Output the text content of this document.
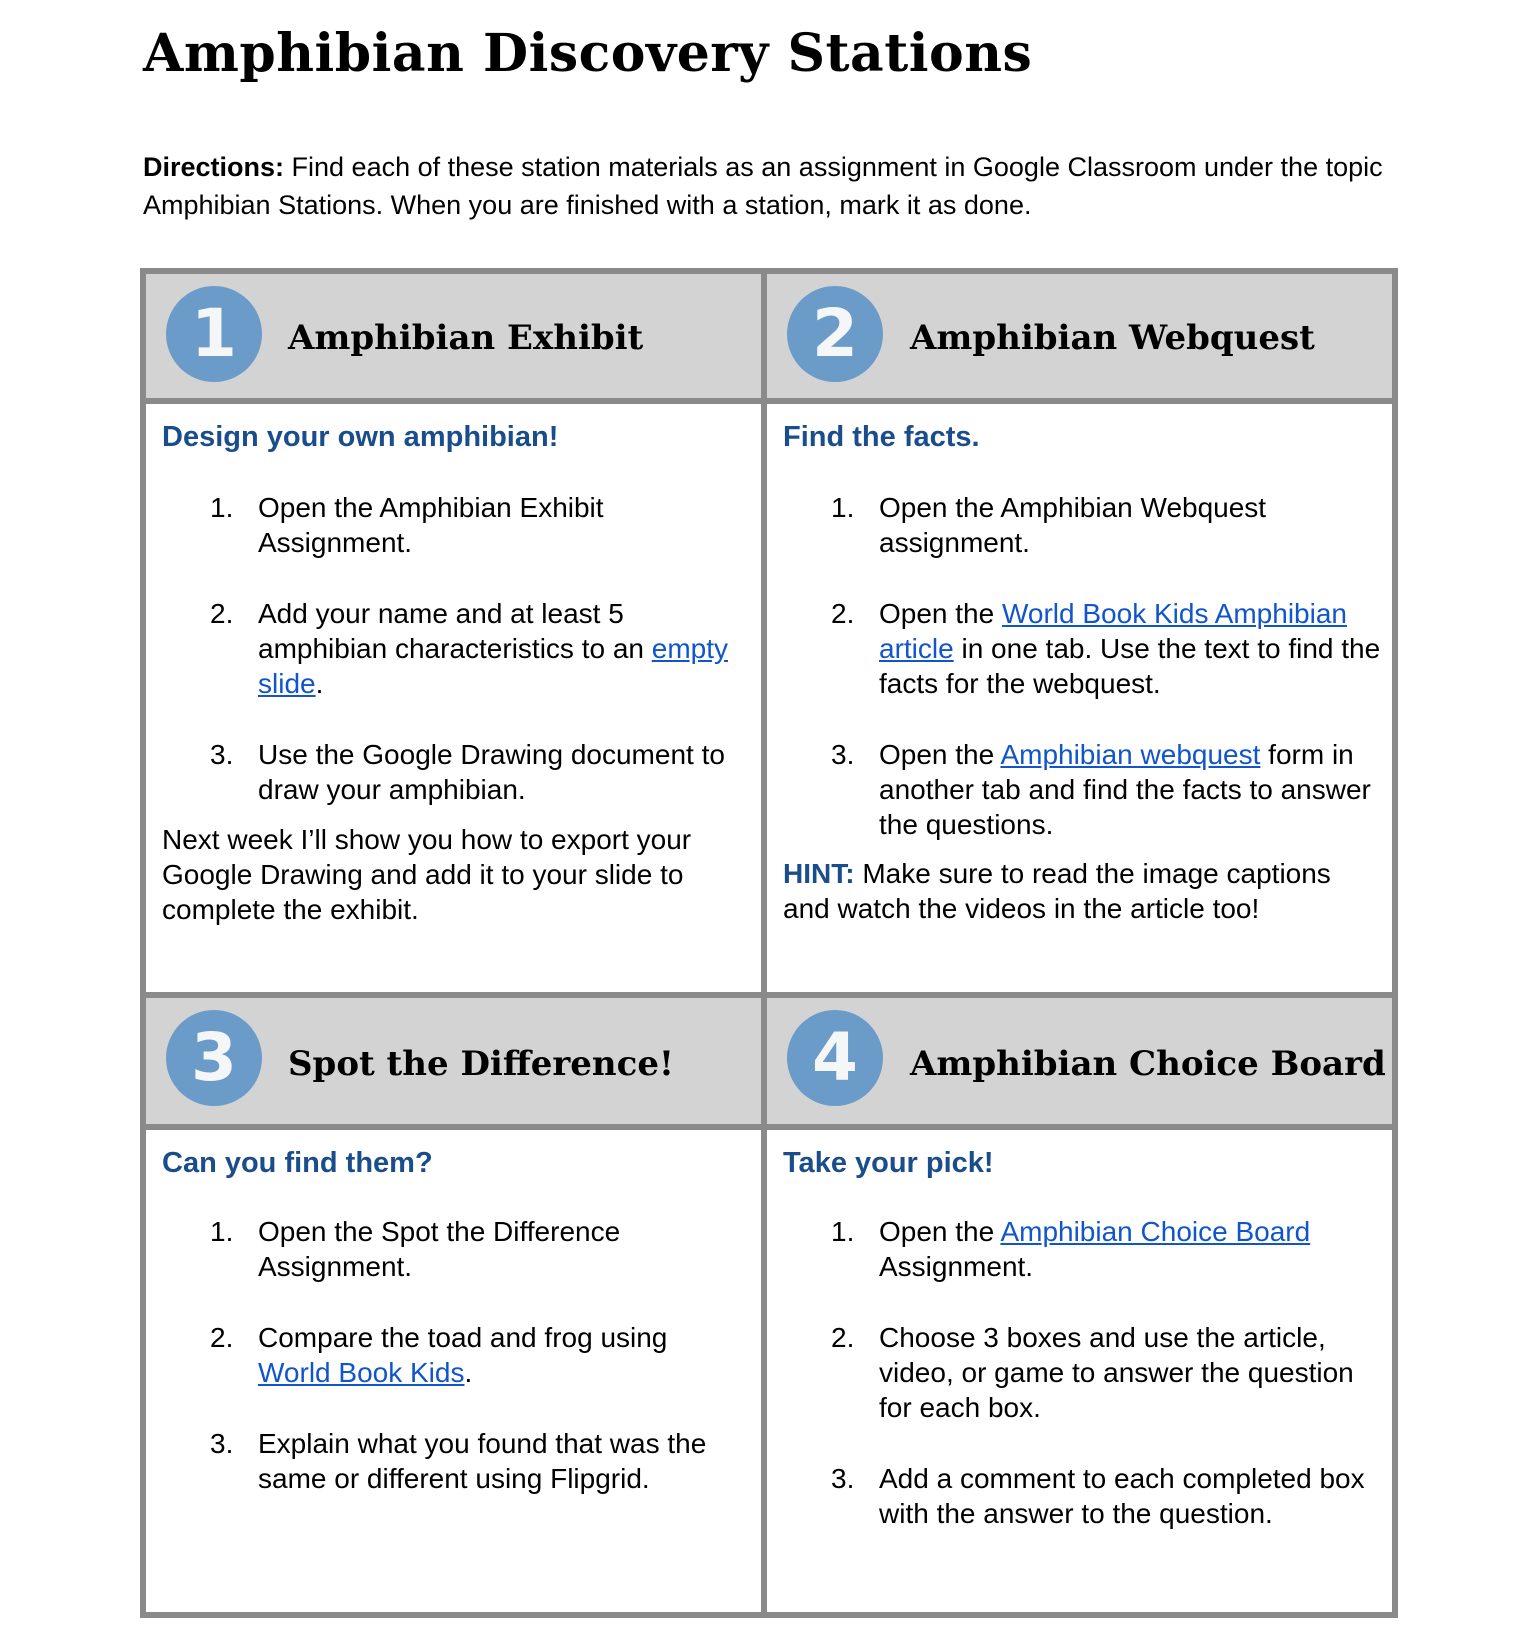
Amphibian Discovery Stations

Directions: Find each of these station materials as an assignment in Google Classroom under the topic Amphibian Stations. When you are finished with a station, mark it as done.

1	Amphibian Exhibit	2	Amphibian Webquest
Design your own amphibian!
1. Open the Amphibian Exhibit Assignment.
2. Add your name and at least 5 amphibian characteristics to an empty slide.
3. Use the Google Drawing document to draw your amphibian.
Next week I’ll show you how to export your Google Drawing and add it to your slide to complete the exhibit.
Find the facts.
1. Open the Amphibian Webquest assignment.
2. Open the World Book Kids Amphibian article in one tab. Use the text to find the facts for the webquest.
3. Open the Amphibian webquest form in another tab and find the facts to answer the questions.
HINT: Make sure to read the image captions and watch the videos in the article too!
3	Spot the Difference!	4	Amphibian Choice Board
Can you find them?
1. Open the Spot the Difference Assignment.
2. Compare the toad and frog using World Book Kids.
3. Explain what you found that was the same or different using Flipgrid.
Take your pick!
1. Open the Amphibian Choice Board Assignment.
2. Choose 3 boxes and use the article, video, or game to answer the question for each box.
3. Add a comment to each completed box with the answer to the question.
